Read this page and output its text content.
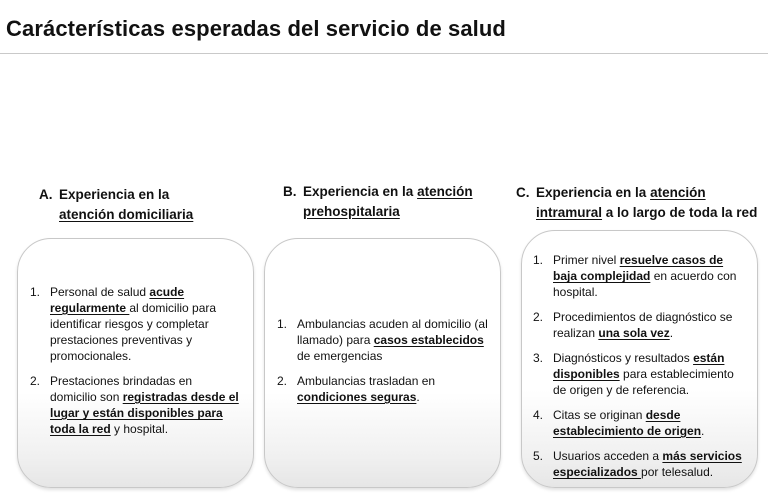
Carácterísticas esperadas del servicio de salud
A. Experiencia en la
atención domiciliaria
1. Personal de salud acude regularmente al domicilio para identificar riesgos y completar prestaciones preventivas y promocionales.
2. Prestaciones brindadas en domicilio son registradas desde el lugar y están disponibles para toda la red y hospital.
B. Experiencia en la atención
prehospitalaria
1. Ambulancias acuden al domicilio (al llamado) para casos establecidos de emergencias
2. Ambulancias trasladan en condiciones seguras.
C. Experiencia en la atención
intramural a lo largo de toda la red
1. Primer nivel resuelve casos de baja complejidad en acuerdo con hospital.
2. Procedimientos de diagnóstico se realizan una sola vez.
3. Diagnósticos y resultados están disponibles para establecimiento de origen y de referencia.
4. Citas se originan desde establecimiento de origen.
5. Usuarios acceden a más servicios especializados por telesalud.
